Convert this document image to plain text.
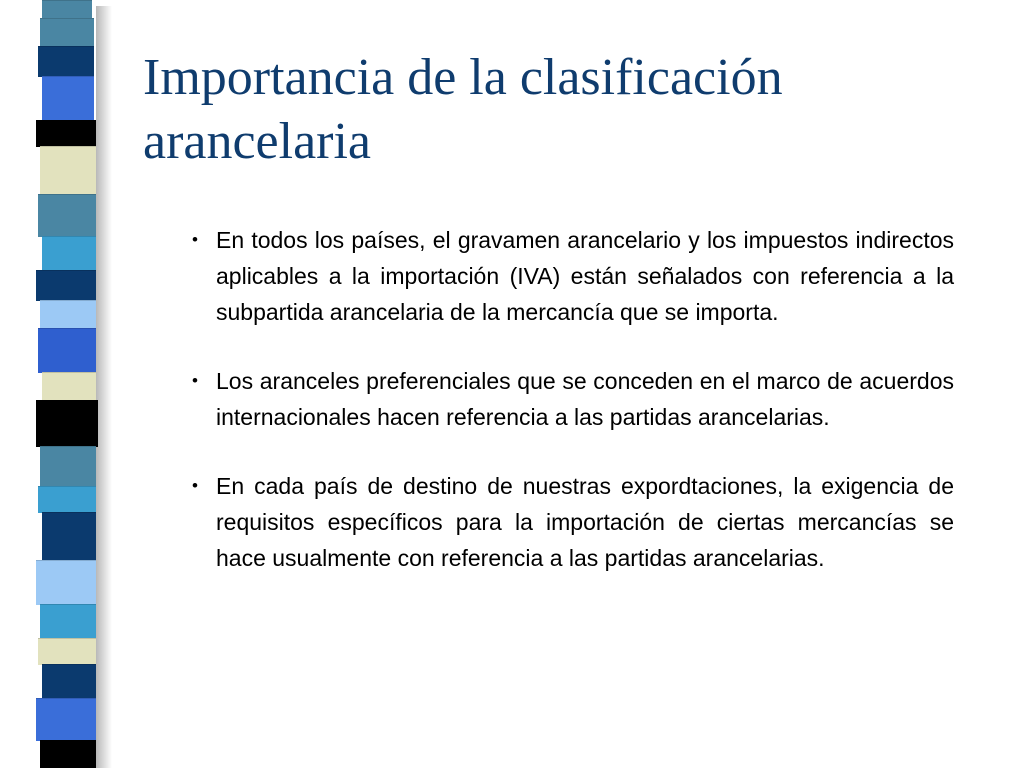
Importancia de la clasificación arancelaria
• En todos los países, el gravamen arancelario y los impuestos indirectos aplicables a la importación (IVA) están señalados con referencia a la subpartida arancelaria de la mercancía que se importa.
• Los aranceles preferenciales que se conceden en el marco de acuerdos internacionales hacen referencia a las partidas arancelarias.
• En cada país de destino de nuestras expordtaciones, la exigencia de requisitos específicos para la importación de ciertas mercancías se hace usualmente con referencia a las partidas arancelarias.
